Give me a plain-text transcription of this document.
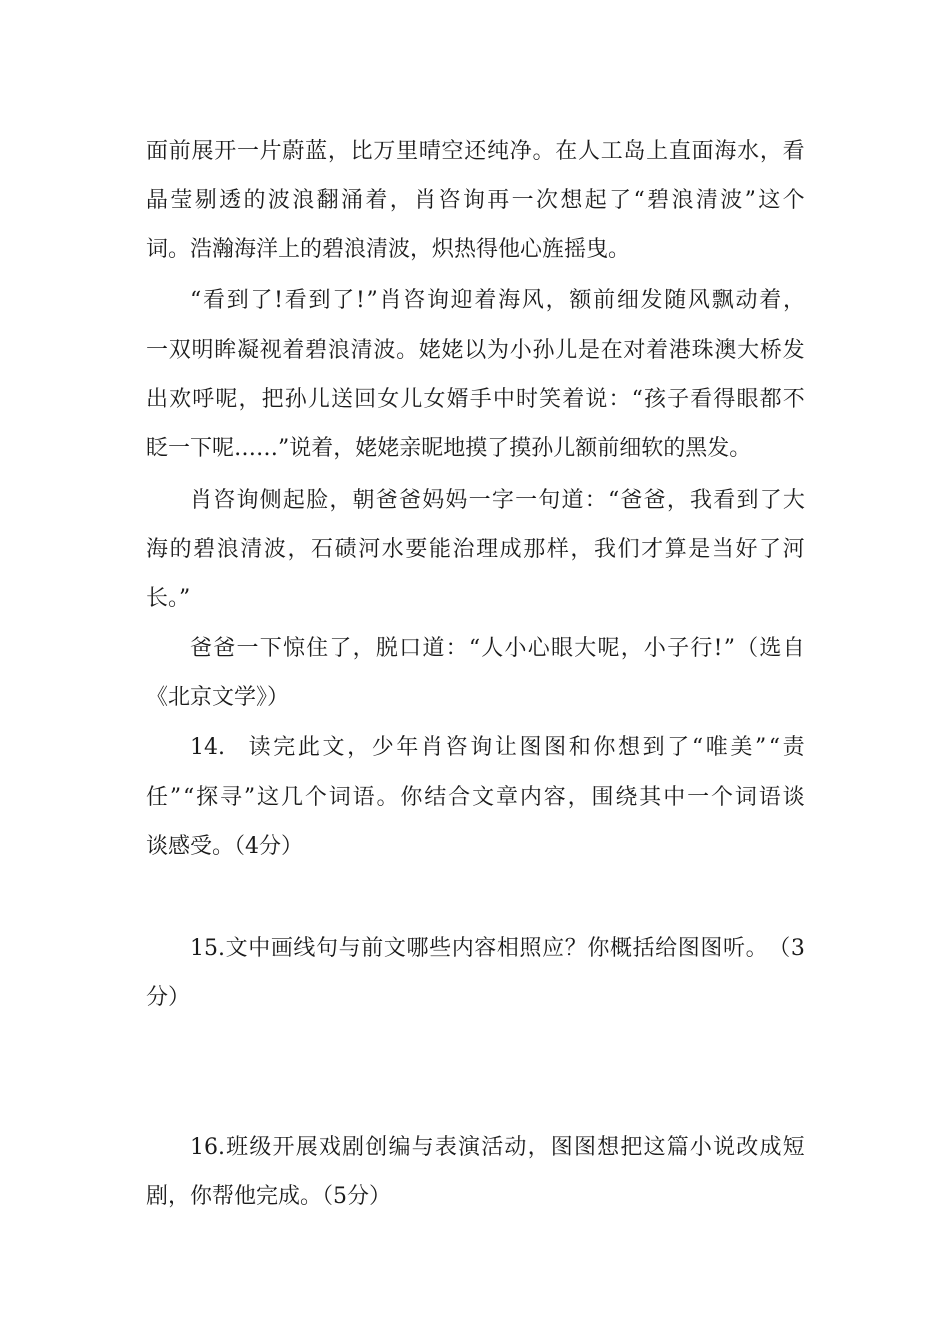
面 前 展 开 一 片 蔚 蓝 ， 比 万 里 晴 空 还 纯 净 。 在 人 工 岛 上 直 面 海 水 ， 看
晶 莹 剔 透 的 波 浪 翻 涌 着 ， 肖 咨 询 再 一 次 想 起 了 “ 碧 浪 清 波 ” 这 个
词。浩瀚海洋上的碧浪清波，炽热得他心旌摇曳。
“ 看 到 了 ! 看 到 了 ! ” 肖 咨 询 迎 着 海 风 ， 额 前 细 发 随 风 飘 动 着 ，
一 双 明 眸 凝 视 着 碧 浪 清 波 。 姥 姥 以 为 小 孙 儿 是 在 对 着 港 珠 澳 大 桥 发
出 欢 呼 呢 ， 把 孙 儿 送 回 女 儿 女 婿 手 中 时 笑 着 说 ： “ 孩 子 看 得 眼 都 不
眨一下呢……”说着，姥姥亲昵地摸了摸孙儿额前细软的黑发。
肖 咨 询 侧 起 脸 ， 朝 爸 爸 妈 妈 一 字 一 句 道 ： “ 爸 爸 ， 我 看 到 了 大
海 的 碧 浪 清 波 ， 石 碛 河 水 要 能 治 理 成 那 样 ， 我 们 才 算 是 当 好 了 河
长。”
爸 爸 一 下 惊 住 了 ， 脱 口 道 ： “ 人 小 心 眼 大 呢 ， 小 子 行 ! ” （ 选 自
《北京文学》）
14. 读 完 此 文 ， 少 年 肖 咨 询 让 图 图 和 你 想 到 了 “ 唯 美 ” “ 责
任 ” “ 探 寻 ” 这 几 个 词 语 。 你 结 合 文 章 内 容 ， 围 绕 其 中 一 个 词 语 谈
谈感受。（4分）
15. 文 中 画 线 句 与 前 文 哪 些 内 容 相 照 应 ？ 你 概 括 给 图 图 听 。 （ 3
分）
16. 班 级 开 展 戏 剧 创 编 与 表 演 活 动 ， 图 图 想 把 这 篇 小 说 改 成 短
剧，你帮他完成。（5分）
